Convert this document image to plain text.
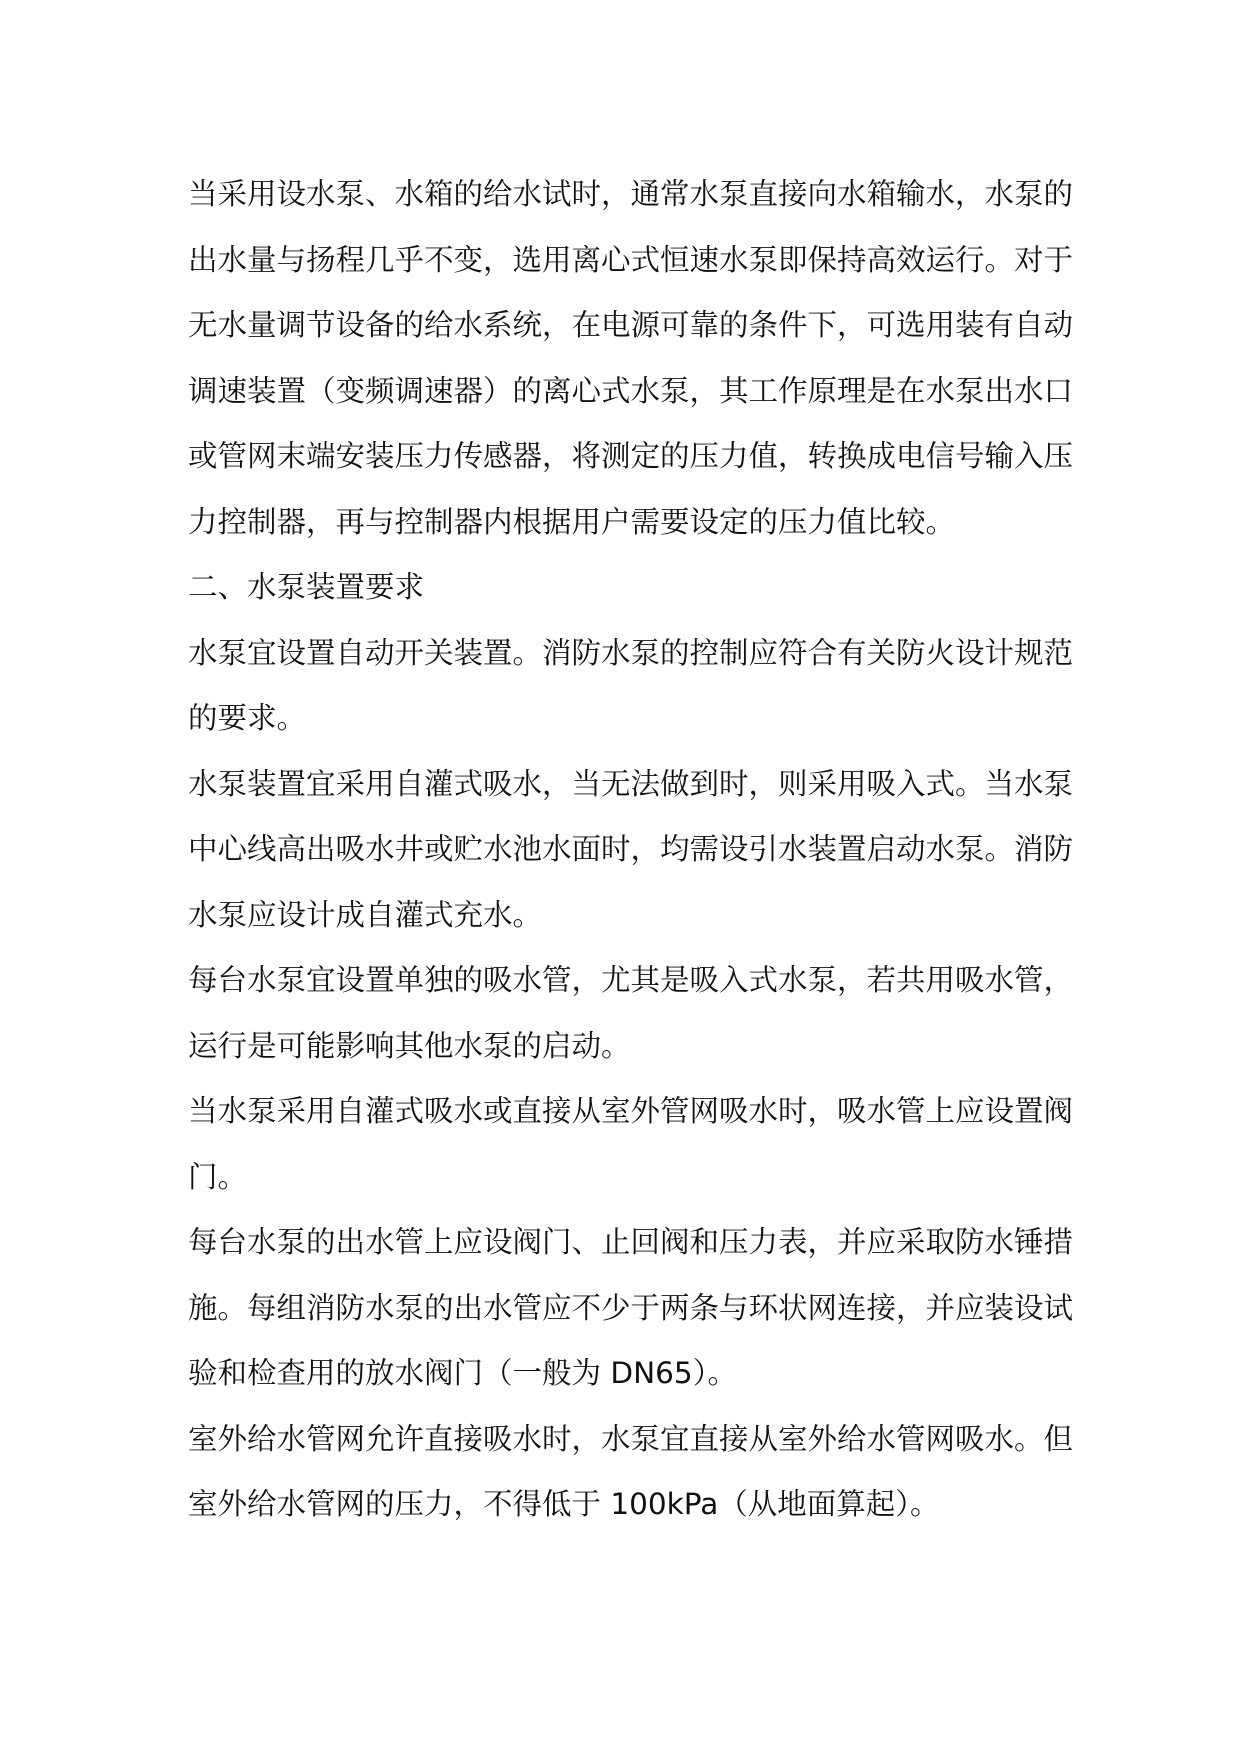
当采用设水泵、水箱的给水试时，通常水泵直接向水箱输水，水泵的出水量与扬程几乎不变，选用离心式恒速水泵即保持高效运行。对于无水量调节设备的给水系统，在电源可靠的条件下，可选用装有自动调速装置（变频调速器）的离心式水泵，其工作原理是在水泵出水口或管网末端安装压力传感器，将测定的压力值，转换成电信号输入压力控制器，再与控制器内根据用户需要设定的压力值比较。

二、水泵装置要求

水泵宜设置自动开关装置。消防水泵的控制应符合有关防火设计规范的要求。

水泵装置宜采用自灌式吸水，当无法做到时，则采用吸入式。当水泵中心线高出吸水井或贮水池水面时，均需设引水装置启动水泵。消防水泵应设计成自灌式充水。

每台水泵宜设置单独的吸水管，尤其是吸入式水泵，若共用吸水管，运行是可能影响其他水泵的启动。

当水泵采用自灌式吸水或直接从室外管网吸水时，吸水管上应设置阀门。

每台水泵的出水管上应设阀门、止回阀和压力表，并应采取防水锤措施。每组消防水泵的出水管应不少于两条与环状网连接，并应装设试验和检查用的放水阀门（一般为 DN65）。

室外给水管网允许直接吸水时，水泵宜直接从室外给水管网吸水。但室外给水管网的压力，不得低于 100kPa（从地面算起）。
